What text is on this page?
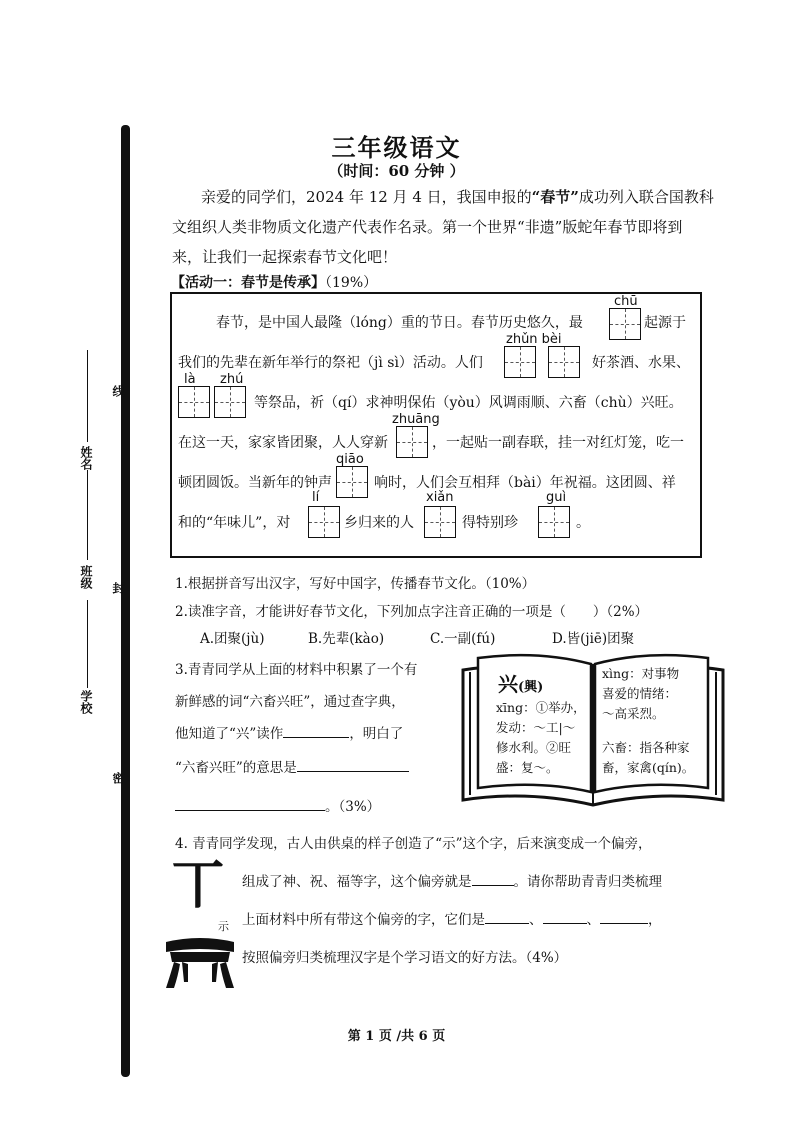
三年级语文
（时间：60 分钟 ）
亲爱的同学们，2024 年 12 月 4 日，我国申报的“春节”成功列入联合国教科
文组织人类非物质文化遗产代表作名录。第一个世界“非遗”版蛇年春节即将到
来，让我们一起探索春节文化吧！
【活动一：春节是传承】（19%）
学校
班级
姓名
密
封
线
春节，是中国人最隆（lóng）重的节日。春节历史悠久，最
chū
起源于
我们的先辈在新年举行的祭祀（jì sì）活动。人们
zhǔn bèi
好茶酒、水果、
là zhú
等祭品，祈（qí）求神明保佑（yòu）风调雨顺、六畜（chù）兴旺。
在这一天，家家皆团聚，人人穿新
zhuāng
，一起贴一副春联，挂一对红灯笼，吃一
顿团圆饭。当新年的钟声
qiāo
响时，人们会互相拜（bài）年祝福。这团圆、祥
和的“年味儿”，对
lí
乡归来的人
xiǎn
得特别珍
guì
。
1.根据拼音写出汉字，写好中国字，传播春节文化。（10%）
2.读准字音，才能讲好春节文化，下列加点字注音正确的一项是（　　）（2%）
A.团聚(jù)	B.先辈(kào)	C.一副(fú)	D.皆(jiē)团聚
3.青青同学从上面的材料中积累了一个有
新鲜感的词“六畜兴旺”，通过查字典，
他知道了“兴”读作	，明白了
“六畜兴旺”的意思是
。（3%）
兴(興)
xīng：①举办，
发动：～工|～
修水利。②旺
盛：复～。
xìng：对事物
喜爱的情绪：
～高采烈。
六畜：指各种家
畜，家禽(qín)。
4. 青青同学发现，古人由供桌的样子创造了“示”这个字，后来演变成一个偏旁，
组成了神、祝、福等字，这个偏旁就是	。请你帮助青青归类梳理
上面材料中所有带这个偏旁的字，它们是	、	、	，
按照偏旁归类梳理汉字是个学习语文的好方法。（4%）
丅
示
第 1 页 /共 6 页
